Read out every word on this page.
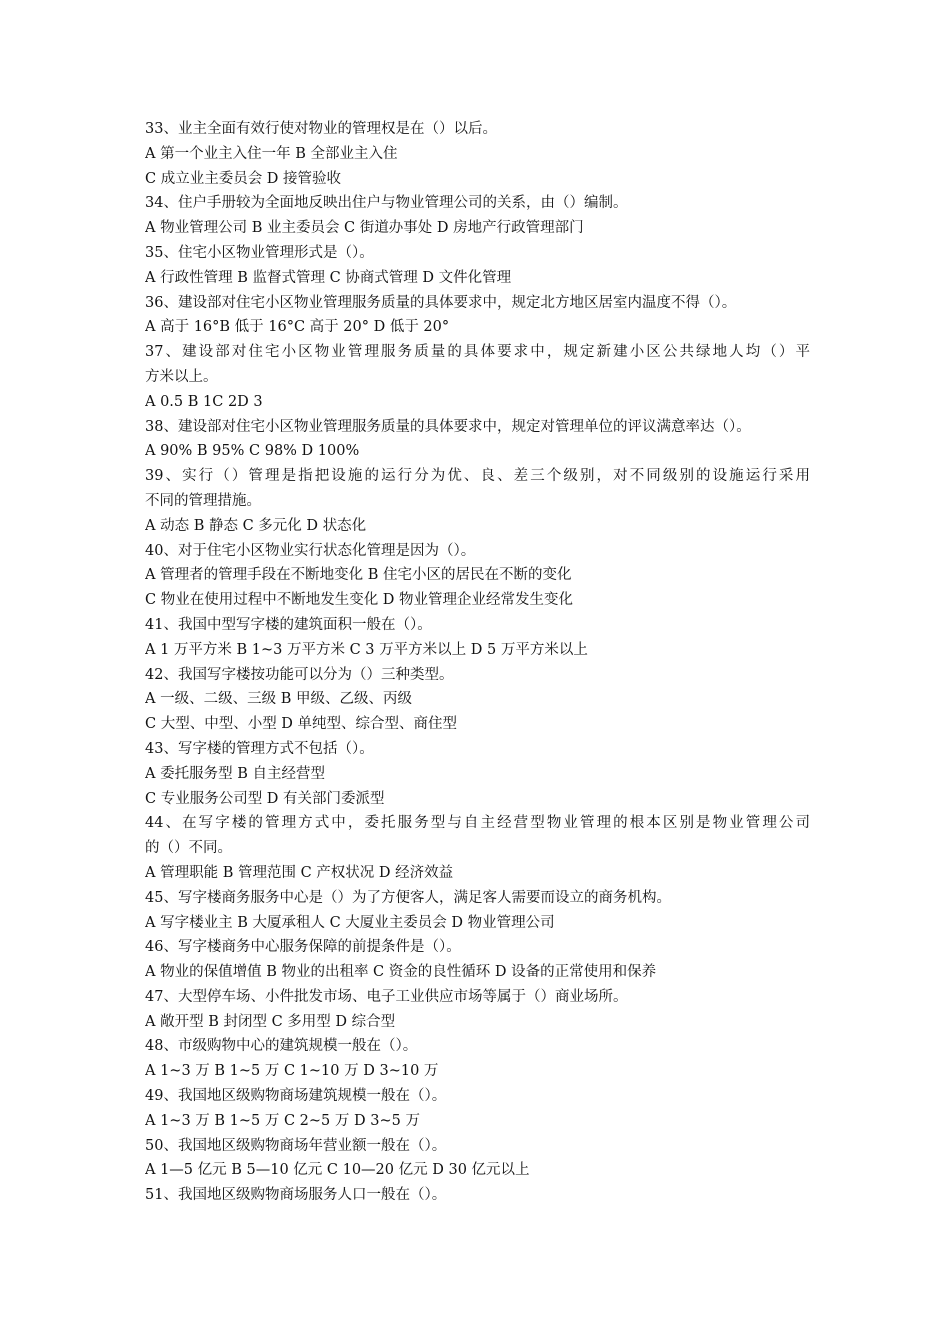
33、业主全面有效行使对物业的管理权是在（）以后。
A 第一个业主入住一年 B 全部业主入住
C 成立业主委员会 D 接管验收
34、住户手册较为全面地反映出住户与物业管理公司的关系，由（）编制。
A 物业管理公司 B 业主委员会 C 街道办事处 D 房地产行政管理部门
35、住宅小区物业管理形式是（）。
A 行政性管理 B 监督式管理 C 协商式管理 D 文件化管理
36、建设部对住宅小区物业管理服务质量的具体要求中，规定北方地区居室内温度不得（）。
A 高于 16°B 低于 16°C 高于 20° D 低于 20°
37、建设部对住宅小区物业管理服务质量的具体要求中，规定新建小区公共绿地人均（）平
方米以上。
A 0.5 B 1C 2D 3
38、建设部对住宅小区物业管理服务质量的具体要求中，规定对管理单位的评议满意率达（）。
A 90% B 95% C 98% D 100%
39、实行（）管理是指把设施的运行分为优、良、差三个级别，对不同级别的设施运行采用
不同的管理措施。
A 动态 B 静态 C 多元化 D 状态化
40、对于住宅小区物业实行状态化管理是因为（）。
A 管理者的管理手段在不断地变化 B 住宅小区的居民在不断的变化
C 物业在使用过程中不断地发生变化 D 物业管理企业经常发生变化
41、我国中型写字楼的建筑面积一般在（）。
A 1 万平方米 B 1~3 万平方米 C 3 万平方米以上 D 5 万平方米以上
42、我国写字楼按功能可以分为（）三种类型。
A 一级、二级、三级 B 甲级、乙级、丙级
C 大型、中型、小型 D 单纯型、综合型、商住型
43、写字楼的管理方式不包括（）。
A 委托服务型 B 自主经营型
C 专业服务公司型 D 有关部门委派型
44、在写字楼的管理方式中，委托服务型与自主经营型物业管理的根本区别是物业管理公司
的（）不同。
A 管理职能 B 管理范围 C 产权状况 D 经济效益
45、写字楼商务服务中心是（）为了方便客人，满足客人需要而设立的商务机构。
A 写字楼业主 B 大厦承租人 C 大厦业主委员会 D 物业管理公司
46、写字楼商务中心服务保障的前提条件是（）。
A 物业的保值增值 B 物业的出租率 C 资金的良性循环 D 设备的正常使用和保养
47、大型停车场、小件批发市场、电子工业供应市场等属于（）商业场所。
A 敞开型 B 封闭型 C 多用型 D 综合型
48、市级购物中心的建筑规模一般在（）。
A 1~3 万 B 1~5 万 C 1~10 万 D 3~10 万
49、我国地区级购物商场建筑规模一般在（）。
A 1~3 万 B 1~5 万 C 2~5 万 D 3~5 万
50、我国地区级购物商场年营业额一般在（）。
A 1—5 亿元 B 5—10 亿元 C 10—20 亿元 D 30 亿元以上
51、我国地区级购物商场服务人口一般在（）。
